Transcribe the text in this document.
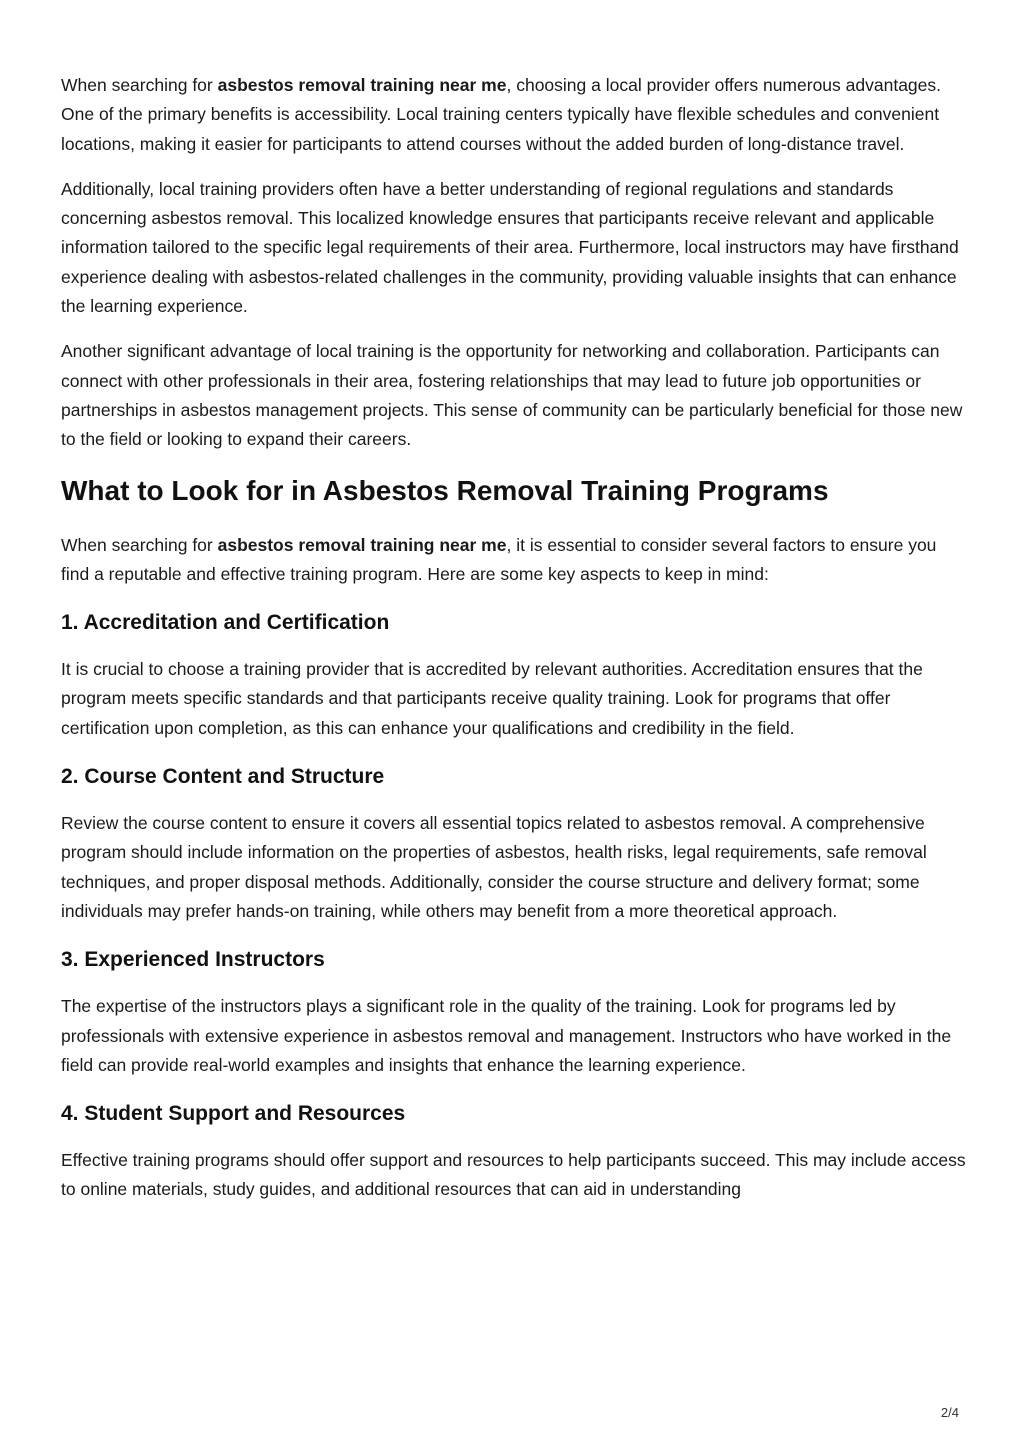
When searching for asbestos removal training near me, choosing a local provider offers numerous advantages. One of the primary benefits is accessibility. Local training centers typically have flexible schedules and convenient locations, making it easier for participants to attend courses without the added burden of long-distance travel.

Additionally, local training providers often have a better understanding of regional regulations and standards concerning asbestos removal. This localized knowledge ensures that participants receive relevant and applicable information tailored to the specific legal requirements of their area. Furthermore, local instructors may have firsthand experience dealing with asbestos-related challenges in the community, providing valuable insights that can enhance the learning experience.

Another significant advantage of local training is the opportunity for networking and collaboration. Participants can connect with other professionals in their area, fostering relationships that may lead to future job opportunities or partnerships in asbestos management projects. This sense of community can be particularly beneficial for those new to the field or looking to expand their careers.

What to Look for in Asbestos Removal Training Programs

When searching for asbestos removal training near me, it is essential to consider several factors to ensure you find a reputable and effective training program. Here are some key aspects to keep in mind:

1. Accreditation and Certification

It is crucial to choose a training provider that is accredited by relevant authorities. Accreditation ensures that the program meets specific standards and that participants receive quality training. Look for programs that offer certification upon completion, as this can enhance your qualifications and credibility in the field.

2. Course Content and Structure

Review the course content to ensure it covers all essential topics related to asbestos removal. A comprehensive program should include information on the properties of asbestos, health risks, legal requirements, safe removal techniques, and proper disposal methods. Additionally, consider the course structure and delivery format; some individuals may prefer hands-on training, while others may benefit from a more theoretical approach.

3. Experienced Instructors

The expertise of the instructors plays a significant role in the quality of the training. Look for programs led by professionals with extensive experience in asbestos removal and management. Instructors who have worked in the field can provide real-world examples and insights that enhance the learning experience.

4. Student Support and Resources

Effective training programs should offer support and resources to help participants succeed. This may include access to online materials, study guides, and additional resources that can aid in understanding

2/4
